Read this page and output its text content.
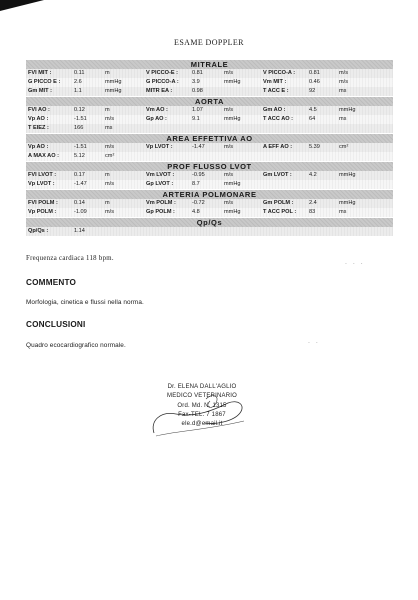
ESAME DOPPLER
MITRALE
FVI MIT :	0.11	m	V PICCO-E : 0.81	m/s	V PICCO-A : 0.81	m/s
G PICCO E : 2.6	mmHg	G PICCO-A : 3.9	mmHg	Vm MIT :	0.46	m/s
Gm MIT :	1.1	mmHg	MITR EA :	0.98	T ACC E :	92	ms
AORTA
FVI AO :	0.12	m	Vm AO :	1.07	m/s	Gm AO :	4.5	mmHg
Vp AO :	-1.51	m/s	Gp AO :	9.1	mmHg	T ACC AO :	64	ms
T EIEZ :	166	ms
AREA EFFETTIVA AO
Vp AO :	-1.51	m/s	Vp LVOT :	-1.47	m/s	A EFF AO :	5.39	cm²
A MAX AO :	5.12	cm²
PROF FLUSSO LVOT
FVI LVOT :	0.17	m	Vm LVOT :	-0.95	m/s	Gm LVOT :	4.2	mmHg
Vp LVOT :	-1.47	m/s	Gp LVOT :	8.7	mmHg
ARTERIA POLMONARE
FVI POLM :	0.14	m	Vm POLM :	-0.72	m/s	Gm POLM :	2.4	mmHg
Vp POLM :	-1.09	m/s	Gp POLM :	4.8	mmHg	T ACC POL : 83	ms
Qp/Qs
Qp/Qs :	1.14
Frequenza cardiaca 118 bpm.
. . .
COMMENTO
Morfologia, cinetica e flussi nella norma.
CONCLUSIONI
Quadro ecocardiografico normale.
. .
Dr. ELENA DALL'AGLIO
MEDICO VETERINARIO
Ord. Md. N. 1315
Fax-TEL. 7 1867
ele.d@email.it
